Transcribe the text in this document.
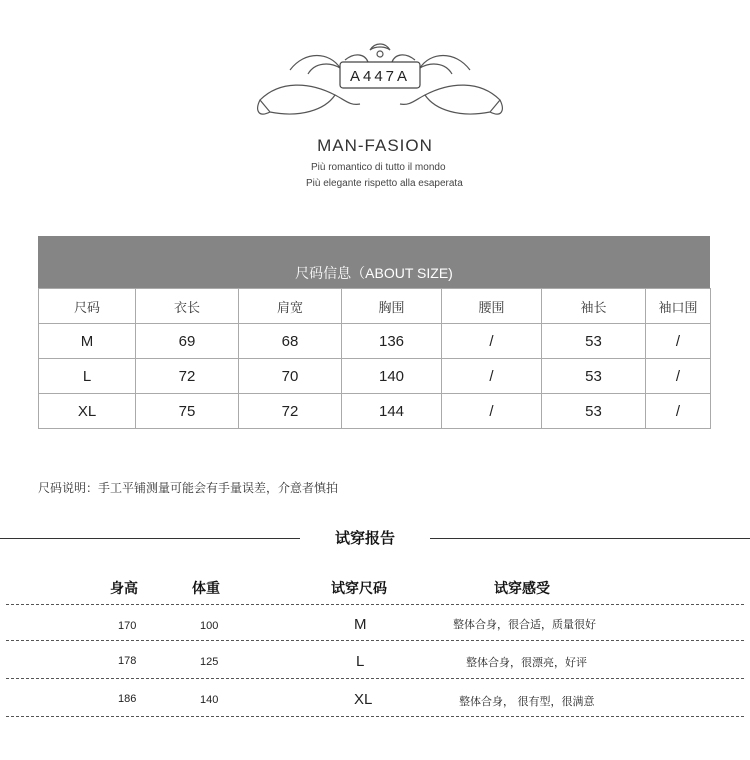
A447A
MAN-FASION
Più romantico di tutto il mondo
Più elegante rispetto alla esaperata
尺码信息（ABOUT SIZE)
尺码	衣长	肩宽	胸围	腰围	袖长	袖口围
M	69	68	136	/	53	/
L	72	70	140	/	53	/
XL	75	72	144	/	53	/
尺码说明：手工平铺测量可能会有手量误差，介意者慎拍
试穿报告
身高	体重	试穿尺码	试穿感受
170	100	M	整体合身，很合适，质量很好
178	125	L	整体合身，很漂亮，好评
186	140	XL	整体合身， 很有型，很满意
